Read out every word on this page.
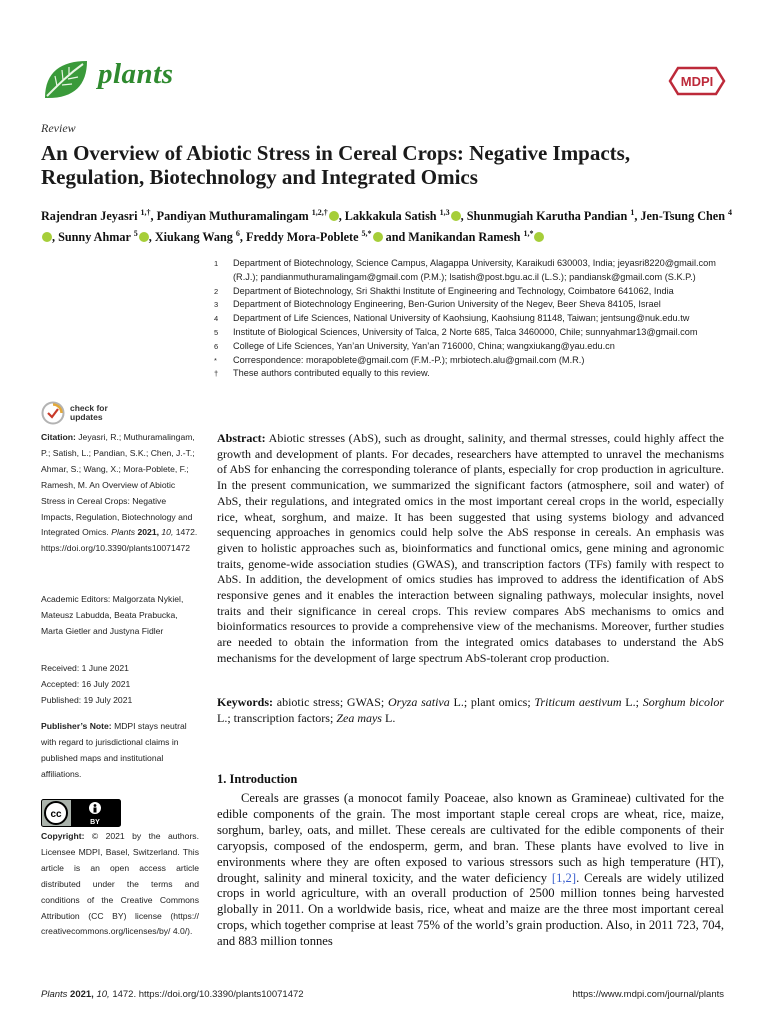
plants	MDPI
Review
An Overview of Abiotic Stress in Cereal Crops: Negative Impacts, Regulation, Biotechnology and Integrated Omics
Rajendran Jeyasri $^{1,\dagger}$, Pandiyan Muthuramalingam $^{1,2,\dagger}$ , Lakkakula Satish $^{1,3}$ , Shunmugiah Karutha Pandian $^1$, Jen-Tsung Chen $^4$, Sunny Ahmar $^5$ , Xiukang Wang $^6$, Freddy Mora-Poblete $^{5,*}$ and Manikandan Ramesh $^{1,*}$
1	Department of Biotechnology, Science Campus, Alagappa University, Karaikudi 630003, India; jeyasri8220@gmail.com (R.J.); pandianmuthuramalingam@gmail.com (P.M.); lsatish@post.bgu.ac.il (L.S.); pandiansk@gmail.com (S.K.P.)
2	Department of Biotechnology, Sri Shakthi Institute of Engineering and Technology, Coimbatore 641062, India
3	Department of Biotechnology Engineering, Ben-Gurion University of the Negev, Beer Sheva 84105, Israel
4	Department of Life Sciences, National University of Kaohsiung, Kaohsiung 81148, Taiwan; jentsung@nuk.edu.tw
5	Institute of Biological Sciences, University of Talca, 2 Norte 685, Talca 3460000, Chile; sunnyahmar13@gmail.com
6	College of Life Sciences, Yan’an University, Yan’an 716000, China; wangxiukang@yau.edu.cn
*	Correspondence: morapoblete@gmail.com (F.M.-P.); mrbiotech.alu@gmail.com (M.R.)
†	These authors contributed equally to this review.
check for
updates
Citation: Jeyasri, R.; Muthuramalingam, P.; Satish, L.; Pandian, S.K.; Chen, J.-T.; Ahmar, S.; Wang, X.; Mora-Poblete, F.; Ramesh, M. An Overview of Abiotic Stress in Cereal Crops: Negative Impacts, Regulation, Biotechnology and Integrated Omics. Plants 2021, 10, 1472. https://doi.org/10.3390/plants10071472
Academic Editors: Malgorzata Nykiel, Mateusz Labudda, Beata Prabucka, Marta Gietler and Justyna Fidler
Received: 1 June 2021
Accepted: 16 July 2021
Published: 19 July 2021
Publisher’s Note: MDPI stays neutral with regard to jurisdictional claims in published maps and institutional affiliations.
cc
BY
Copyright: © 2021 by the authors. Licensee MDPI, Basel, Switzerland. This article is an open access article distributed under the terms and conditions of the Creative Commons Attribution (CC BY) license (https:// creativecommons.org/licenses/by/ 4.0/).
Abstract: Abiotic stresses (AbS), such as drought, salinity, and thermal stresses, could highly affect the growth and development of plants. For decades, researchers have attempted to unravel the mechanisms of AbS for enhancing the corresponding tolerance of plants, especially for crop production in agriculture. In the present communication, we summarized the significant factors (atmosphere, soil and water) of AbS, their regulations, and integrated omics in the most important cereal crops in the world, especially rice, wheat, sorghum, and maize. It has been suggested that using systems biology and advanced sequencing approaches in genomics could help solve the AbS response in cereals. An emphasis was given to holistic approaches such as, bioinformatics and functional omics, gene mining and agronomic traits, genome-wide association studies (GWAS), and transcription factors (TFs) family with respect to AbS. In addition, the development of omics studies has improved to address the identification of AbS responsive genes and it enables the interaction between signaling pathways, molecular insights, novel traits and their significance in cereal crops. This review compares AbS mechanisms to omics and bioinformatics resources to provide a comprehensive view of the mechanisms. Moreover, further studies are needed to obtain the information from the integrated omics databases to understand the AbS mechanisms for the development of large spectrum AbS-tolerant crop production.
Keywords: abiotic stress; GWAS; Oryza sativa L.; plant omics; Triticum aestivum L.; Sorghum bicolor L.; transcription factors; Zea mays L.
1. Introduction
Cereals are grasses (a monocot family Poaceae, also known as Gramineae) cultivated for the edible components of the grain. The most important staple cereal crops are wheat, rice, maize, sorghum, barley, oats, and millet. These cereals are cultivated for the edible components of their caryopsis, composed of the endosperm, germ, and bran. These plants have evolved to live in environments where they are often exposed to various stressors such as high temperature (HT), drought, salinity and mineral toxicity, and the water deficiency [1,2]. Cereals are widely utilized crops in world agriculture, with an overall production of 2500 million tonnes being harvested globally in 2011. On a worldwide basis, rice, wheat and maize are the three most important cereal crops, which together comprise at least 75% of the world’s grain production. Also, in 2011 723, 704, and 883 million tonnes
Plants 2021, 10, 1472. https://doi.org/10.3390/plants10071472	https://www.mdpi.com/journal/plants
